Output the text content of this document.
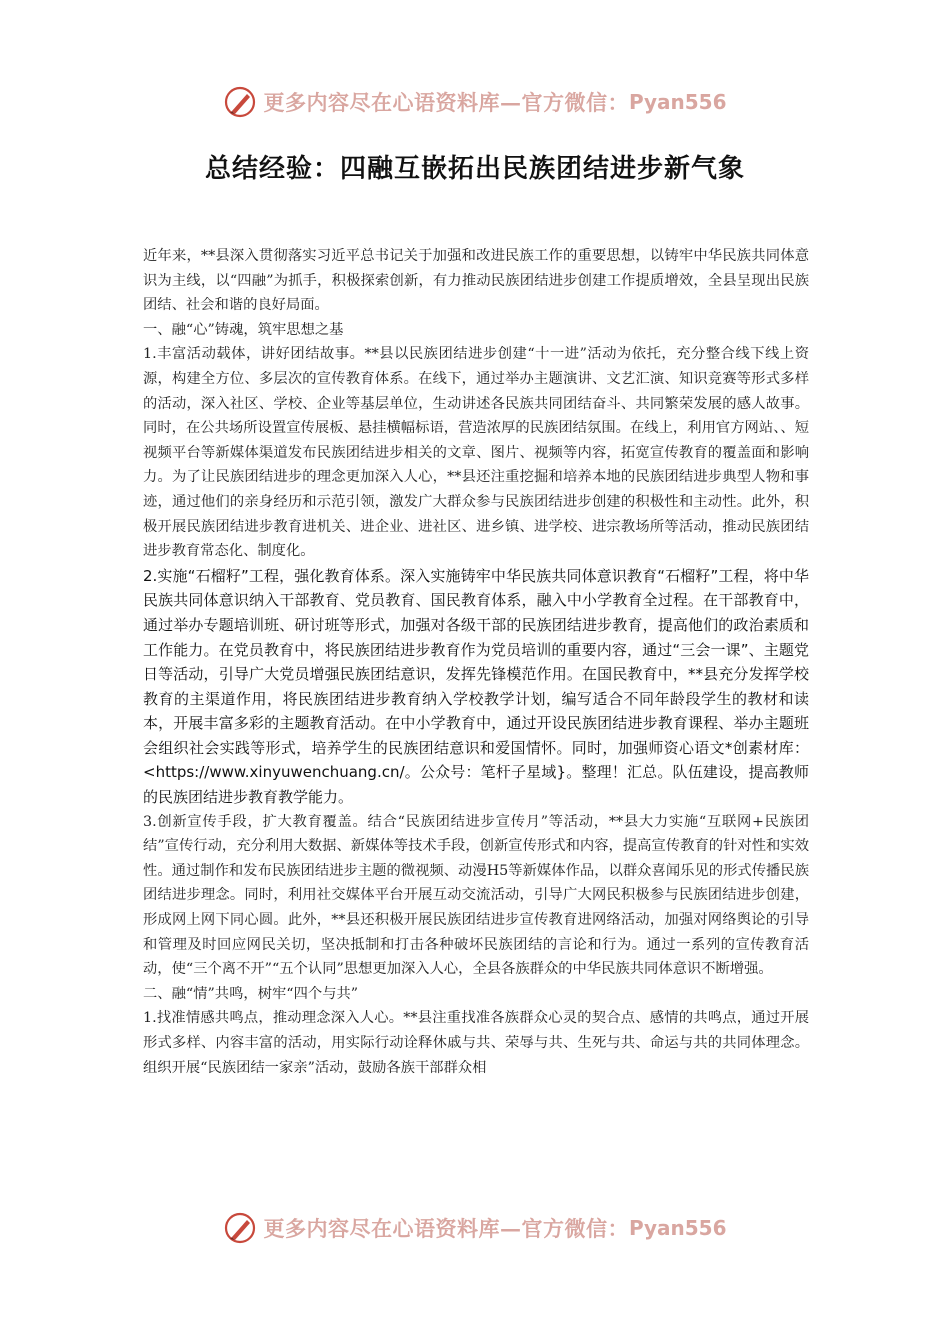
更多内容尽在心语资料库—官方微信： Pyan556
总结经验：四融互嵌拓出民族团结进步新气象

近年来，**县深入贯彻落实习近平总书记关于加强和改进民族工作的重要思想，以铸牢中华民族共同体意识为主线，以“四融”为抓手，积极探索创新，有力推动民族团结进步创建工作提质增效，全县呈现出民族团结、社会和谐的良好局面。

一、融“心”铸魂，筑牢思想之基

1.丰富活动载体，讲好团结故事。**县以民族团结进步创建“十一进”活动为依托，充分整合线下线上资源，构建全方位、多层次的宣传教育体系。在线下，通过举办主题演讲、文艺汇演、知识竞赛等形式多样的活动，深入社区、学校、企业等基层单位，生动讲述各民族共同团结奋斗、共同繁荣发展的感人故事。同时，在公共场所设置宣传展板、悬挂横幅标语，营造浓厚的民族团结氛围。在线上，利用官方网站、、短视频平台等新媒体渠道发布民族团结进步相关的文章、图片、视频等内容，拓宽宣传教育的覆盖面和影响力。为了让民族团结进步的理念更加深入人心，**县还注重挖掘和培养本地的民族团结进步典型人物和事迹，通过他们的亲身经历和示范引领，激发广大群众参与民族团结进步创建的积极性和主动性。此外，积极开展民族团结进步教育进机关、进企业、进社区、进乡镇、进学校、进宗教场所等活动，推动民族团结进步教育常态化、制度化。

2.实施“石榴籽”工程，强化教育体系。深入实施铸牢中华民族共同体意识教育“石榴籽”工程，将中华民族共同体意识纳入干部教育、党员教育、国民教育体系，融入中小学教育全过程。在干部教育中，通过举办专题培训班、研讨班等形式，加强对各级干部的民族团结进步教育，提高他们的政治素质和工作能力。在党员教育中，将民族团结进步教育作为党员培训的重要内容，通过“三会一课”、主题党日等活动，引导广大党员增强民族团结意识，发挥先锋模范作用。在国民教育中，**县充分发挥学校教育的主渠道作用，将民族团结进步教育纳入学校教学计划，编写适合不同年龄段学生的教材和读本，开展丰富多彩的主题教育活动。在中小学教育中，通过开设民族团结进步教育课程、举办主题班会组织社会实践等形式，培养学生的民族团结意识和爱国情怀。同时，加强师资心语文*创素材库：<https://www.xinyuwenchuang.cn/。公众号：笔杆子星域}。整理！汇总。队伍建设，提高教师的民族团结进步教育教学能力。

3.创新宣传手段，扩大教育覆盖。结合“民族团结进步宣传月”等活动，**县大力实施“互联网+民族团结”宣传行动，充分利用大数据、新媒体等技术手段，创新宣传形式和内容，提高宣传教育的针对性和实效性。通过制作和发布民族团结进步主题的微视频、动漫H5等新媒体作品，以群众喜闻乐见的形式传播民族团结进步理念。同时，利用社交媒体平台开展互动交流活动，引导广大网民积极参与民族团结进步创建，形成网上网下同心圆。此外，**县还积极开展民族团结进步宣传教育进网络活动，加强对网络舆论的引导和管理及时回应网民关切，坚决抵制和打击各种破坏民族团结的言论和行为。通过一系列的宣传教育活动，使“三个离不开”“五个认同”思想更加深入人心，全县各族群众的中华民族共同体意识不断增强。

二、融“情”共鸣，树牢“四个与共”

1.找准情感共鸣点，推动理念深入人心。**县注重找准各族群众心灵的契合点、感情的共鸣点，通过开展形式多样、内容丰富的活动，用实际行动诠释休戚与共、荣辱与共、生死与共、命运与共的共同体理念。组织开展“民族团结一家亲”活动，鼓励各族干部群众相

更多内容尽在心语资料库—官方微信： Pyan556
